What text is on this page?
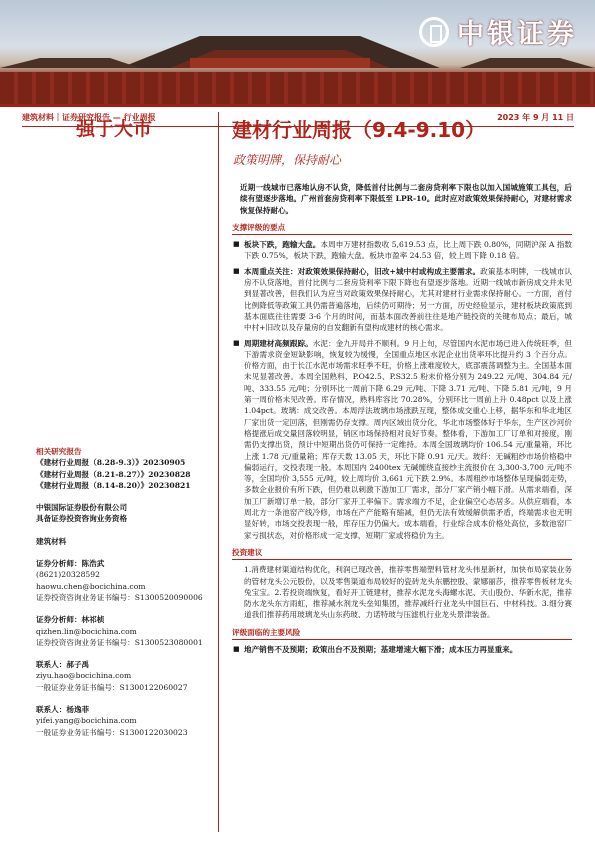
中银证券
建筑材料｜证券研究报告 — 行业周报	2023 年 9 月 11 日
强于大市	建材行业周报（9.4-9.10）
政策明牌，保持耐心
近期一线城市已落地认房不认贷，降低首付比例与二套房贷利率下限也以加入国城施策工具包，后续有望逐步落地。广州首套房贷利率下限低至 LPR-10。此时应对政策效果保持耐心，对建材需求恢复保持耐心。
支撑评级的要点
■ 板块下跌，跑输大盘。本周申万建材指数收 5,619.53 点，比上周下跌 0.80%，同期沪深 A 指数下跌 0.75%，板块下跌，跑输大盘。板块市盈率 24.53 倍，较上周下降 0.18 倍。
■ 本周重点关注：对政策效果保持耐心，旧改+城中村或构成主要需求。政策基本明牌，一线城市认房不认贷落地，首付比例与二套房贷利率下限下降也有望逐步落地。近期一线城市新房成交并未见到显著改善，但我们认为应当对政策效果保持耐心，尤其对建材行业需求保持耐心。一方面，首付比例降低等政策工具仍需普遍落地，后续仍可期待；另一方面，历史经验显示，建材板块政策底到基本面底往往需要 3-6 个月的时间，而基本面改善前往往是地产链投资的关键布局点；最后，城中村+旧改以及存量房的自发翻新有望构成建材的核心需求。
■ 周期建材高频跟踪。水泥：金九开局并不顺利。9 月上旬，尽管国内水泥市场已进入传统旺季，但下游需求资金短缺影响，恢复较为缓慢，全国重点地区水泥企业出货率环比提升约 3 个百分点。价格方面，由于长江水泥市场需求旺季不旺，价格上涨难度较大，底部震荡调整为主。全国基本面未见显著改善。本周全国熟料、P.O42.5、P.S32.5 粉末价格分别为 249.22 元/吨、304.84 元/吨、333.55 元/吨；分别环比一周前下降 6.29 元/吨、下降 3.71 元/吨、下降 5.81 元/吨，9 月第一周价格未见改善。库存情况，熟料库容比 70.28%，分别环比一周前上升 0.48pct 以及上涨 1.04pct。玻璃：成交改善。本周浮法玻璃市场涨跌互现，整体成交重心上移，据华东和华北地区厂家出货一定回落，但刚需仍存支撑。周内区域出货分化，华北市场整体好于华东，生产区沙河价格提涨后成交量回落较明显，销区市场保持相对良好节奏。整体看，下游加工厂订单和对接度，刚需仍支撑出货，预计中短期出货仍可保持一定维持。本周全国玻璃均价 106.54 元/重量箱，环比上涨 1.78 元/重量箱；库存天数 13.05 天，环比下降 0.91 元/天。玻纤：无碱粗纱市场价格稳中偏弱运行，交投表现一般。本周国内 2400tex 无碱缠绕直接纱主流报价在 3,300-3,700 元/吨不等，全国均价 3,555 元/吨，较上周均价 3,661 元下跌 2.9%。本周粗纱市场整体呈现偏弱走势，多数企业报价有所下跌，但仍难以刺激下游加工厂需求，部分厂家产销小幅下滑。从需求端看，深加工厂新增订单一般，部分厂家开工率偏下。需求端方不足，企业偏空心态居多。从供应端看，本周北方一条池窑产线冷修，市场在产产能略有缩减，但仍无法有效缓解供需矛盾，终端需求也无明显好转，市场交投表现一般，库存压力仍偏大。成本端看，行业综合成本价格处高位，多数池窑厂家亏损状态，对价格形成一定支撑，短期厂家或将稳价为主。
投资建议
1.消费建材渠道结构优化，利润已现改善，推荐零售端塑料管材龙头伟星新材，加快布局家装业务的管材龙头公元股份，以及零售渠道布局较好的瓷砖龙头东鹏控股、蒙娜丽莎，推荐零售板材龙头兔宝宝。2.若投资端恢复，看好开工链建材，推荐水泥龙头海螺水泥、天山股份、华新水泥，推荐防水龙头东方雨虹，推荐减水剂龙头垒知集团，推荐减纤行业龙头中国巨石、中材科技。3.细分赛道我们推荐药用玻璃龙头山东药玻、力诺特玻与压滤机行业龙头景津装备。
评级面临的主要风险
■ 地产销售不及预期；政策出台不及预期；基建增速大幅下滑；成本压力再显重来。
相关研究报告
《建材行业周报（8.28-9.3）》20230905
《建材行业周报（8.21-8.27）》20230828
《建材行业周报（8.14-8.20）》20230821
中银国际证券股份有限公司
具备证券投资咨询业务资格
建筑材料
证券分析师：陈浩武
(8621)20328592
haowu.chen@bocichina.com
证券投资咨询业务证书编号：S1300520090006
证券分析师：林祁桢
qizhen.lin@bocichina.com
证券投资咨询业务证书编号：S1300523080001
联系人：郝子禹
ziyu.hao@bocichina.com
一般证券业务证书编号：S1300122060027
联系人：杨逸菲
yifei.yang@bocichina.com
一般证券业务证书编号：S1300122030023
